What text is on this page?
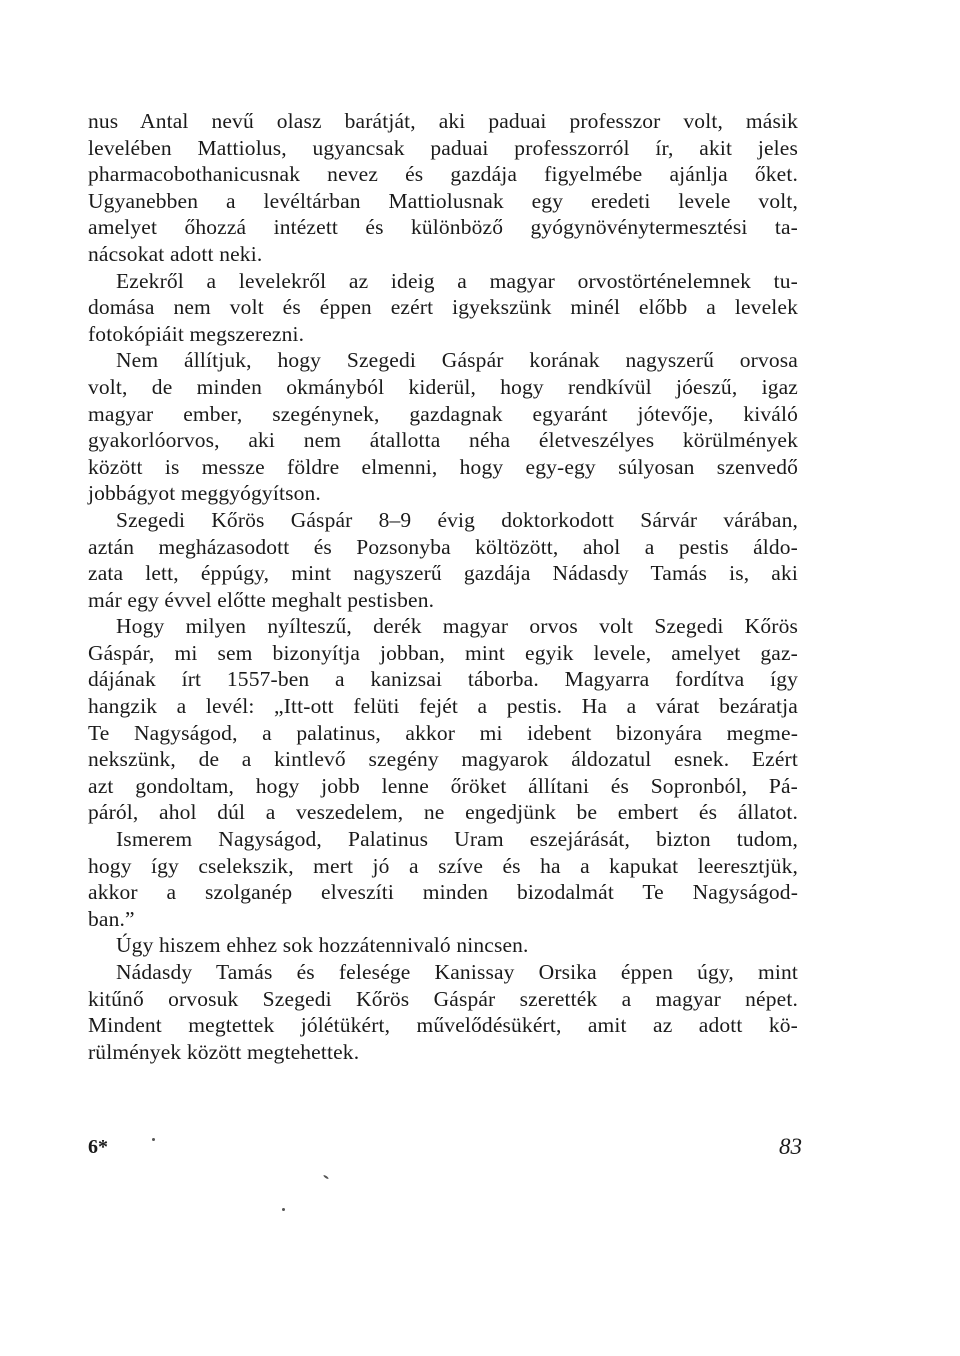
nus Antal nevű olasz barátját, aki paduai professzor volt, másik
levelében Mattiolus, ugyancsak paduai professzorról ír, akit jeles
pharmacobothanicusnak nevez és gazdája figyelmébe ajánlja őket.
Ugyanebben a levéltárban Mattiolusnak egy eredeti levele volt,
amelyet őhozzá intézett és különböző gyógynövénytermesztési ta-
nácsokat adott neki.
Ezekről a levelekről az ideig a magyar orvostörténelemnek tu-
domása nem volt és éppen ezért igyekszünk minél előbb a levelek
fotokópiáit megszerezni.
Nem állítjuk, hogy Szegedi Gáspár korának nagyszerű orvosa
volt, de minden okmányból kiderül, hogy rendkívül jóeszű, igaz
magyar ember, szegénynek, gazdagnak egyaránt jótevője, kiváló
gyakorlóorvos, aki nem átallotta néha életveszélyes körülmények
között is messze földre elmenni, hogy egy-egy súlyosan szenvedő
jobbágyot meggyógyítson.
Szegedi Kőrös Gáspár 8–9 évig doktorkodott Sárvár várában,
aztán megházasodott és Pozsonyba költözött, ahol a pestis áldo-
zata lett, éppúgy, mint nagyszerű gazdája Nádasdy Tamás is, aki
már egy évvel előtte meghalt pestisben.
Hogy milyen nyílteszű, derék magyar orvos volt Szegedi Kőrös
Gáspár, mi sem bizonyítja jobban, mint egyik levele, amelyet gaz-
dájának írt 1557-ben a kanizsai táborba. Magyarra fordítva így
hangzik a levél: „Itt-ott felüti fejét a pestis. Ha a várat bezáratja
Te Nagyságod, a palatinus, akkor mi idebent bizonyára megme-
nekszünk, de a kintlevő szegény magyarok áldozatul esnek. Ezért
azt gondoltam, hogy jobb lenne őröket állítani és Sopronból, Pá-
páról, ahol dúl a veszedelem, ne engedjünk be embert és állatot.
Ismerem Nagyságod, Palatinus Uram eszejárását, bizton tudom,
hogy így cselekszik, mert jó a szíve és ha a kapukat leeresztjük,
akkor a szolganép elveszíti minden bizodalmát Te Nagyságod-
ban.”
Úgy hiszem ehhez sok hozzátennivaló nincsen.
Nádasdy Tamás és felesége Kanissay Orsika éppen úgy, mint
kitűnő orvosuk Szegedi Kőrös Gáspár szerették a magyar népet.
Mindent megtettek jólétükért, művelődésükért, amit az adott kö-
rülmények között megtehettek.
6*	83
